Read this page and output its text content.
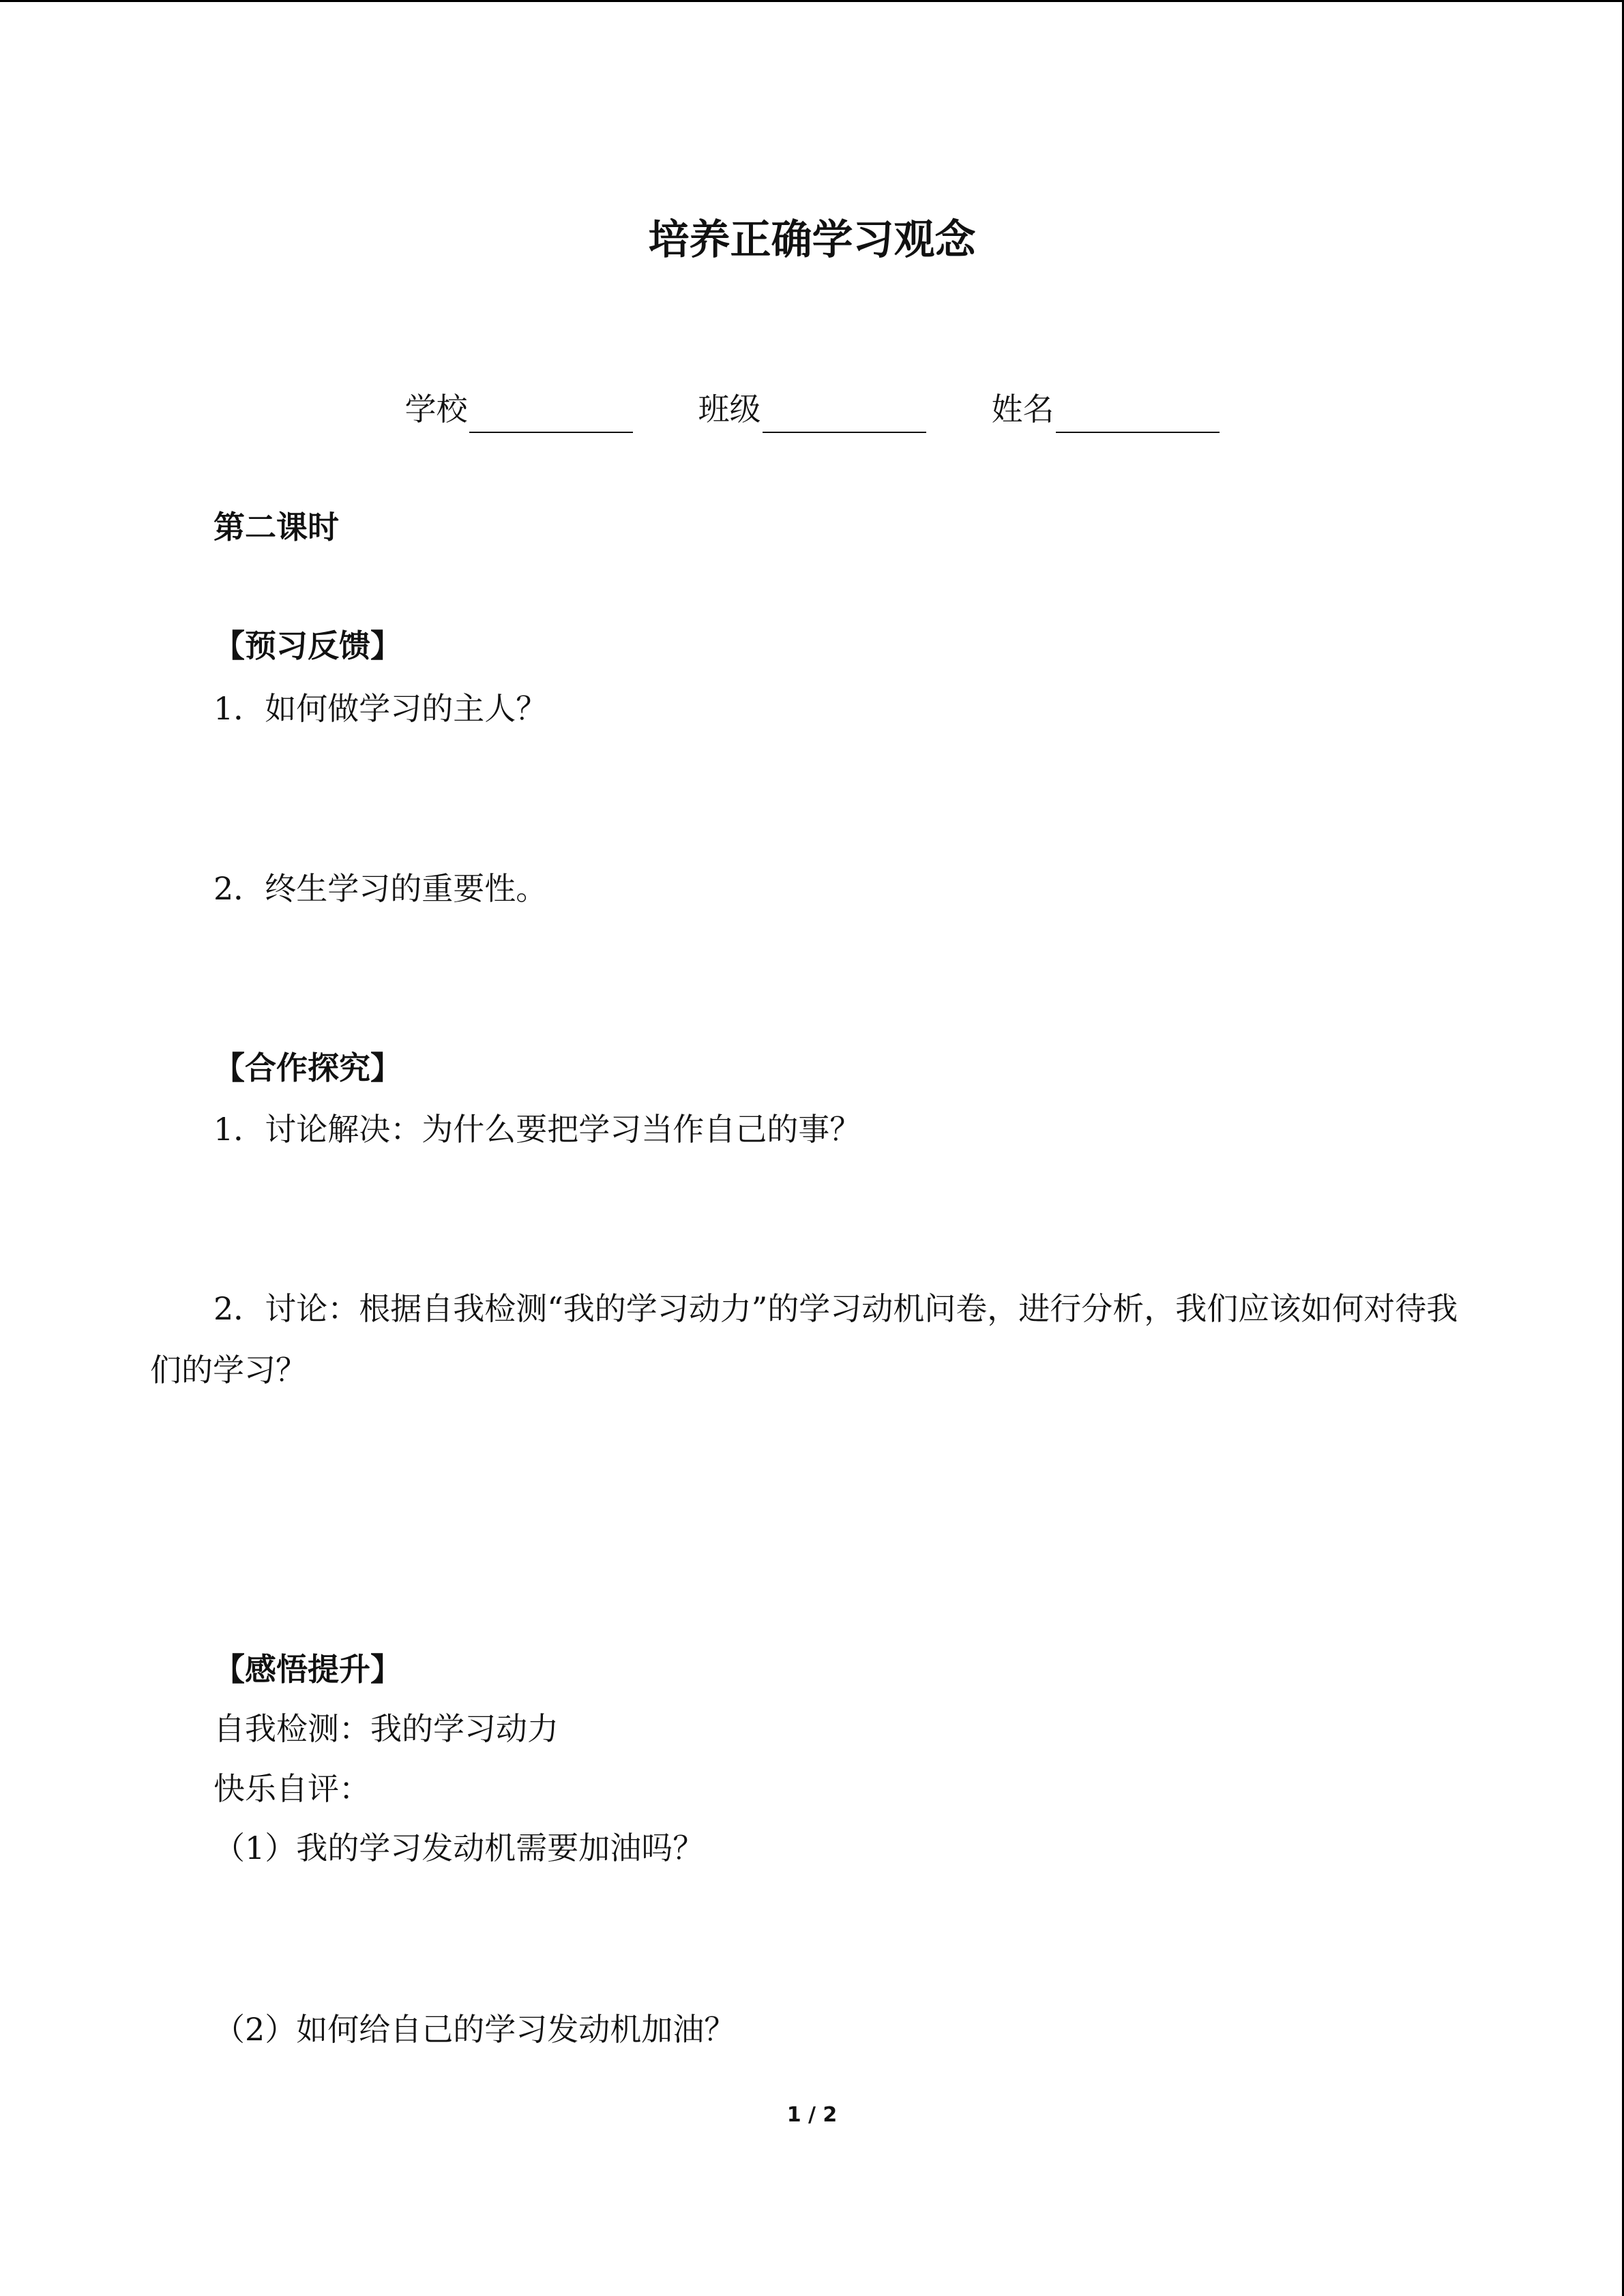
培养正确学习观念
学校	班级	姓名
第二课时
【预习反馈】
1．如何做学习的主人？
2．终生学习的重要性。
【合作探究】
1．讨论解决：为什么要把学习当作自己的事？
2．讨论：根据自我检测“我的学习动力”的学习动机问卷，进行分析，我们应该如何对待我们的学习？
【感悟提升】
自我检测：我的学习动力
快乐自评：
（1）我的学习发动机需要加油吗？
（2）如何给自己的学习发动机加油？
1 / 2
